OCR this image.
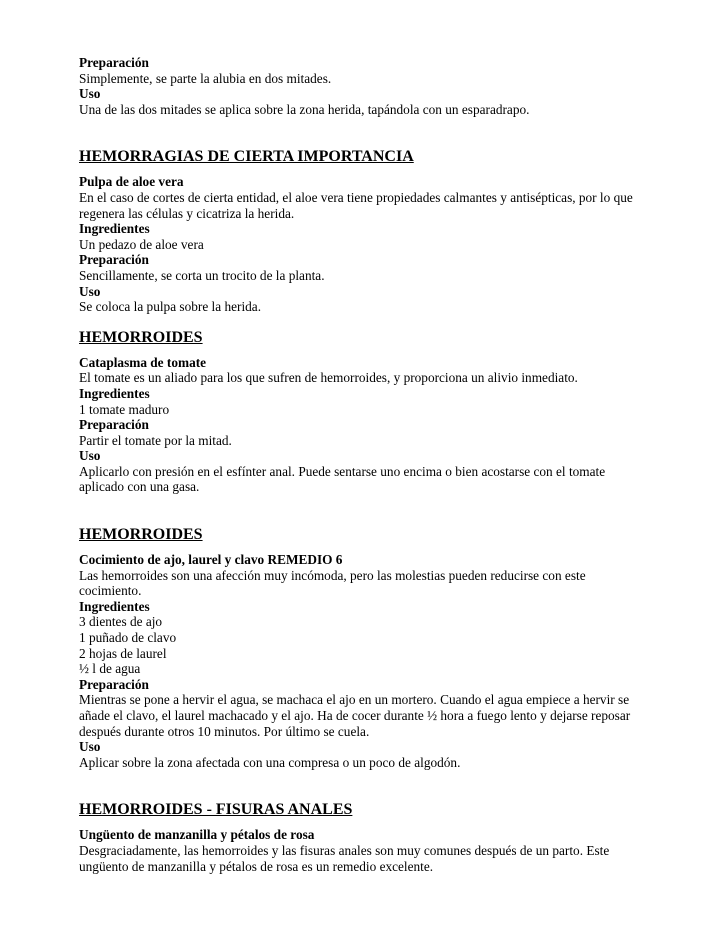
Preparación
Simplemente, se parte la alubia en dos mitades.
Uso
Una de las dos mitades se aplica sobre la zona herida, tapándola con un esparadrapo.
HEMORRAGIAS DE CIERTA IMPORTANCIA
Pulpa de aloe vera
En el caso de cortes de cierta entidad, el aloe vera tiene propiedades calmantes y antisépticas, por lo que
regenera las células y cicatriza la herida.
Ingredientes
Un pedazo de aloe vera
Preparación
Sencillamente, se corta un trocito de la planta.
Uso
Se coloca la pulpa sobre la herida.
HEMORROIDES
Cataplasma de tomate
El tomate es un aliado para los que sufren de hemorroides, y proporciona un alivio inmediato.
Ingredientes
1 tomate maduro
Preparación
Partir el tomate por la mitad.
Uso
Aplicarlo con presión en el esfínter anal. Puede sentarse uno encima o bien acostarse con el tomate
aplicado con una gasa.
HEMORROIDES
Cocimiento de ajo, laurel y clavo REMEDIO 6
Las hemorroides son una afección muy incómoda, pero las molestias pueden reducirse con este
cocimiento.
Ingredientes
3 dientes de ajo
1 puñado de clavo
2 hojas de laurel
½ l de agua
Preparación
Mientras se pone a hervir el agua, se machaca el ajo en un mortero. Cuando el agua empiece a hervir se
añade el clavo, el laurel machacado y el ajo. Ha de cocer durante ½ hora a fuego lento y dejarse reposar
después durante otros 10 minutos. Por último se cuela.
Uso
Aplicar sobre la zona afectada con una compresa o un poco de algodón.
HEMORROIDES - FISURAS ANALES
Ungüento de manzanilla y pétalos de rosa
Desgraciadamente, las hemorroides y las fisuras anales son muy comunes después de un parto. Este
ungüento de manzanilla y pétalos de rosa es un remedio excelente.
